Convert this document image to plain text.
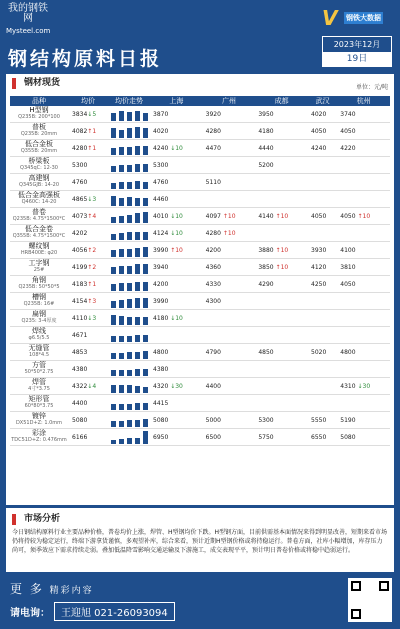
我的钢铁网
Mysteel.com
钢结构原料日报
V 钢铁大数据
2023年12月
19日
钢材现货	单位：元/吨
品种	均价	均价走势	上海	广州	成都	武汉	杭州

H型钢
Q235B: 200*100	3834↓5		3870	3920	3950	4020	3740

普板
Q235B: 20mm	4082↑1		4020	4280	4180	4050	4050

低合金板
Q355B: 20mm	4280↑1		4240 ↓10	4470	4440	4240	4220

桥梁板
Q345qC: 12-30	5300		5300		5200		

高建钢
Q345GJB: 14-20	4760		4760	5110			

低合金高强板
Q460C: 14-20	4865↓3		4460				

普卷
Q235B: 4.75*1500*C	4073↑4		4010 ↓10	4097 ↑10	4140 ↑10	4050	4050 ↑10

低合金卷
Q355B: 4.75*1500*C	4202		4124 ↓10	4280 ↑10			

螺纹钢
HRB400E: φ20	4056↑2		3990 ↑10	4200	3880 ↑10	3930	4100

工字钢
25#	4199↑2		3940	4360	3850 ↑10	4120	3810

角钢
Q235B: 50*50*5	4183↑1		4200	4330	4290	4250	4050

槽钢
Q235B: 16#	4154↑3		3990	4300			

扁钢
Q235: 3-4厚度	4110↓3		4180 ↓10				

焊线
φ6.5/5.5	4671	

无缝管
108*4.5	4853		4800	4790	4850	5020	4800

方管
50*50*2.75	4380		4380				

焊管
4寸*3.75	4322↓4		4320 ↓30	4400			4310 ↓30

矩形管
60*80*3.75	4400		4415				

镀锌
DX51D+Z: 1.0mm	5080		5080	5000	5300	5550	5190

彩涂
TDC51D+Z: 0.476mm	6166		6950	6500	5750	6550	5080
市场分析

今日钢结构原料行业主要品种价格，普卷均价上涨，焊管、H型钢均价下跌。H型钢方面，目前供需基本面情况来得到明显改善，短期来看市场仍将持较为稳定运行，终端下游拿货谨慎，多观望补库，综合来看，预计近期H型钢价格或将持稳运行。普卷方面，社库小幅增加，库存压力尚可，须季效应下需求持续走弱。叠加低温降雪影响交通运输及下游施工，成交表现平平，预计明日普卷价格或将稳中趋弱运行。

更 多 精彩内容
请电询： 王迎旭 021-26093094
